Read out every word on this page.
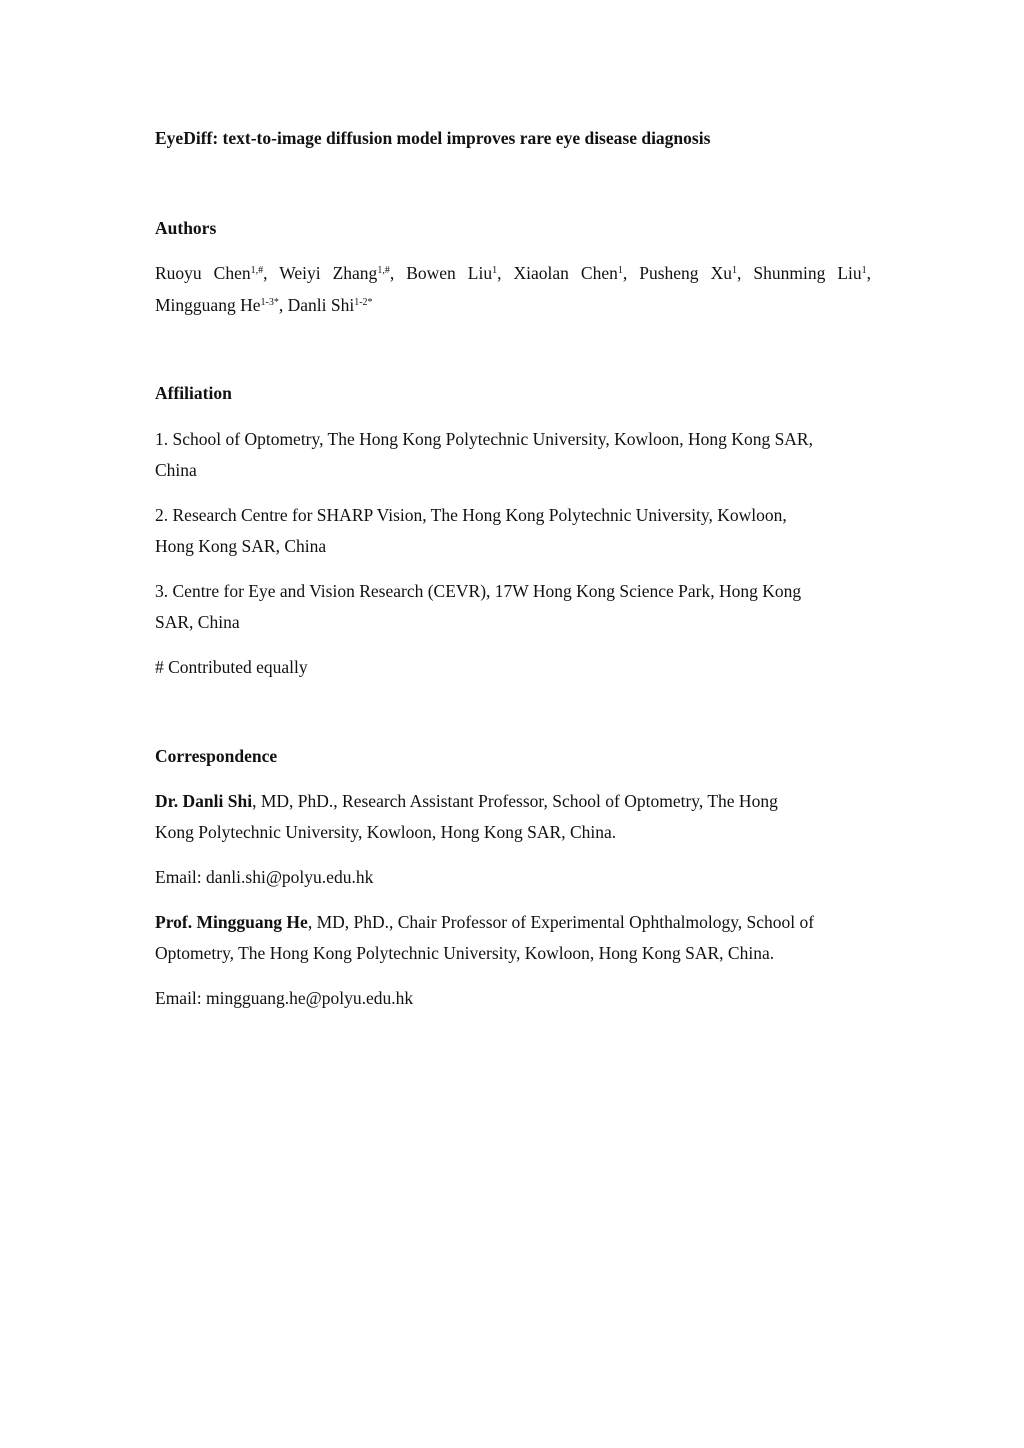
EyeDiff: text-to-image diffusion model improves rare eye disease diagnosis
Authors
Ruoyu Chen$^{1,\#}$, Weiyi Zhang$^{1,\#}$, Bowen Liu$^1$, Xiaolan Chen$^1$, Pusheng Xu$^1$, Shunming Liu$^1$,
Mingguang $He^{1-3*}$, Danli Shi$^{1-2*}$
Affiliation
1. School of Optometry, The Hong Kong Polytechnic University, Kowloon, Hong Kong SAR,
China
2. Research Centre for SHARP Vision, The Hong Kong Polytechnic University, Kowloon,
Hong Kong SAR, China
3. Centre for Eye and Vision Research (CEVR), 17W Hong Kong Science Park, Hong Kong
SAR, China
# Contributed equally
Correspondence
Dr. Danli Shi, MD, PhD., Research Assistant Professor, School of Optometry, The Hong
Kong Polytechnic University, Kowloon, Hong Kong SAR, China.
Email: danli.shi@polyu.edu.hk
Prof. Mingguang He, MD, PhD., Chair Professor of Experimental Ophthalmology, School of
Optometry, The Hong Kong Polytechnic University, Kowloon, Hong Kong SAR, China.
Email: mingguang.he@polyu.edu.hk
